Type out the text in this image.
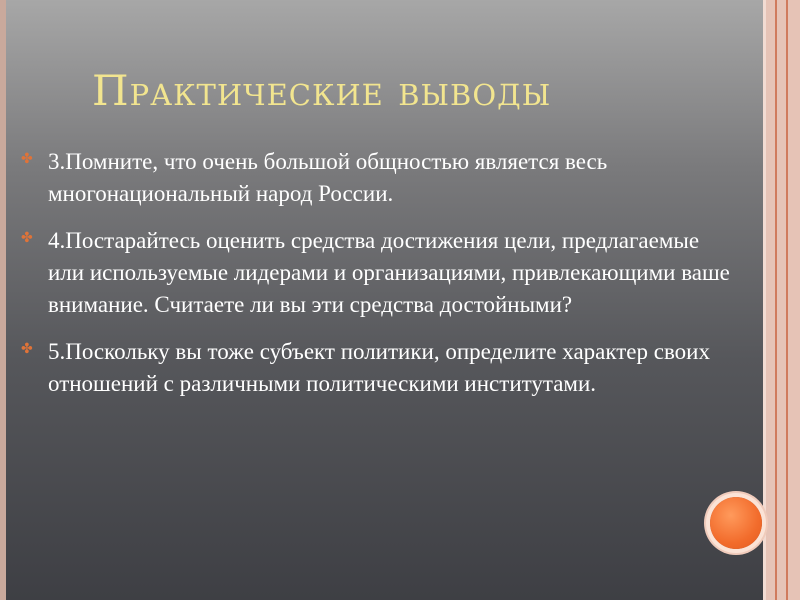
Практические выводы
✤ 3.Помните, что очень большой общностью является весь многонациональный народ России.
✤ 4.Постарайтесь оценить средства достижения цели, предлагаемые или используемые лидерами и организациями, привлекающими ваше внимание. Считаете ли вы эти средства достойными?
✤ 5.Поскольку вы тоже субъект политики, определите характер своих отношений с различными политическими институтами.
